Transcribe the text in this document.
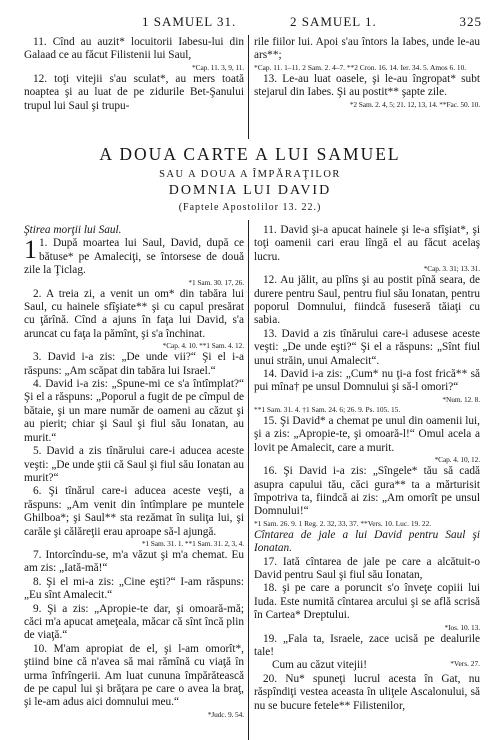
1 SAMUEL 31.	2 SAMUEL 1.	325

11. Cînd au auzit* locuitorii Iabesu-lui din Galaad ce au făcut Filistenii lui Saul,

*Cap. 11. 3, 9, 11.

12. toţi vitejii s'au sculat*, au mers toată noaptea şi au luat de pe zidurile Bet-Şanului trupul lui Saul şi trupu-

rile fiilor lui. Apoi s'au întors la Iabes, unde le-au ars**;

*Cap. 11. 1–11. 2 Sam. 2. 4–7. **2 Cron. 16. 14. Ier. 34. 5. Amos 6. 10.

13. Le-au luat oasele, şi le-au îngropat* subt stejarul din Iabes. Şi au postit** şapte zile.

*2 Sam. 2. 4, 5; 21. 12, 13, 14. **Fac. 50. 10.
A DOUA CARTE A LUI SAMUEL
SAU A DOUA A ÎMPĂRAŢILOR
DOMNIA LUI DAVID
(Faptele Apostolilor 13. 22.)

Ştirea morţii lui Saul.

1 1. După moartea lui Saul, David, după ce bătuse* pe Amaleciţi, se întorsese de două zile la Ţiclag.

*1 Sam. 30. 17, 26.

2. A treia zi, a venit un om* din tabăra lui Saul, cu hainele sfîşiate** şi cu capul presărat cu ţărînă. Cînd a ajuns în faţa lui David, s'a aruncat cu faţa la pămînt, şi s'a închinat.

*Cap. 4. 10. **1 Sam. 4. 12.

3. David i-a zis: „De unde vii?“ Şi el i-a răspuns: „Am scăpat din tabăra lui Israel.“

4. David i-a zis: „Spune-mi ce s'a întîmplat?“ Şi el a răspuns: „Poporul a fugit de pe cîmpul de bătaie, şi un mare număr de oameni au căzut şi au pierit; chiar şi Saul şi fiul său Ionatan, au murit.“

5. David a zis tînărului care-i aducea aceste veşti: „De unde ştii că Saul şi fiul său Ionatan au murit?“

6. Şi tînărul care-i aducea aceste veşti, a răspuns: „Am venit din întîmplare pe muntele Ghilboa*; şi Saul** sta rezămat în suliţa lui, şi carăle şi călăreţii erau aproape să-l ajungă.

*1 Sam. 31. 1. **1 Sam. 31. 2, 3, 4.

7. Intorcîndu-se, m'a văzut şi m'a chemat. Eu am zis: „Iată-mă!“

8. Şi el mi-a zis: „Cine eşti?“ I-am răspuns: „Eu sînt Amalecit.“

9. Şi a zis: „Apropie-te dar, şi omoară-mă; căci m'a apucat ameţeala, măcar că sînt încă plin de viaţă.“

10. M'am apropiat de el, şi l-am omorît*, ştiind bine că n'avea să mai rămînă cu viaţă în urma înfrîngerii. Am luat cununa împărătească de pe capul lui şi brăţara pe care o avea la braţ, şi le-am adus aici domnului meu.“

*Judc. 9. 54.

11. David şi-a apucat hainele şi le-a sfîşiat*, şi toţi oamenii cari erau lîngă el au făcut acelaş lucru.

*Cap. 3. 31; 13. 31.

12. Au jălit, au plîns şi au postit pînă seara, de durere pentru Saul, pentru fiul său Ionatan, pentru poporul Domnului, fiindcă fuseseră tăiaţi cu sabia.

13. David a zis tînărului care-i adusese aceste veşti: „De unde eşti?“ Şi el a răspuns: „Sînt fiul unui străin, unui Amalecit“.

14. David i-a zis: „Cum* nu ţi-a fost frică** să pui mîna† pe unsul Domnului şi să-l omori?“

*Num. 12. 8.
**1 Sam. 31. 4. †1 Sam. 24. 6; 26. 9. Ps. 105. 15.

15. Şi David* a chemat pe unul din oamenii lui, şi a zis: „Apropie-te, şi omoară-l!“ Omul acela a lovit pe Amalecit, care a murit.

*Cap. 4. 10, 12.

16. Şi David i-a zis: „Sîngele* tău să cadă asupra capului tău, căci gura** ta a mărturisit împotriva ta, fiindcă ai zis: „Am omorît pe unsul Domnului!“

*1 Sam. 26. 9. 1 Reg. 2. 32, 33, 37. **Vers. 10. Luc. 19. 22.

Cîntarea de jale a lui David pentru Saul şi Ionatan.

17. Iată cîntarea de jale pe care a alcătuit-o David pentru Saul şi fiul său Ionatan,

18. şi pe care a poruncit s'o înveţe copiii lui Iuda. Este numită cîntarea arcului şi se află scrisă în Cartea* Dreptului.

*Ios. 10. 13.

19. „Fala ta, Israele, zace ucisă pe dealurile tale!

Cum au căzut vitejii!	*Vers. 27.

20. Nu* spuneţi lucrul acesta în Gat, nu răspîndiţi vestea aceasta în uliţele Ascalonului, să nu se bucure fetele** Filistenilor,
